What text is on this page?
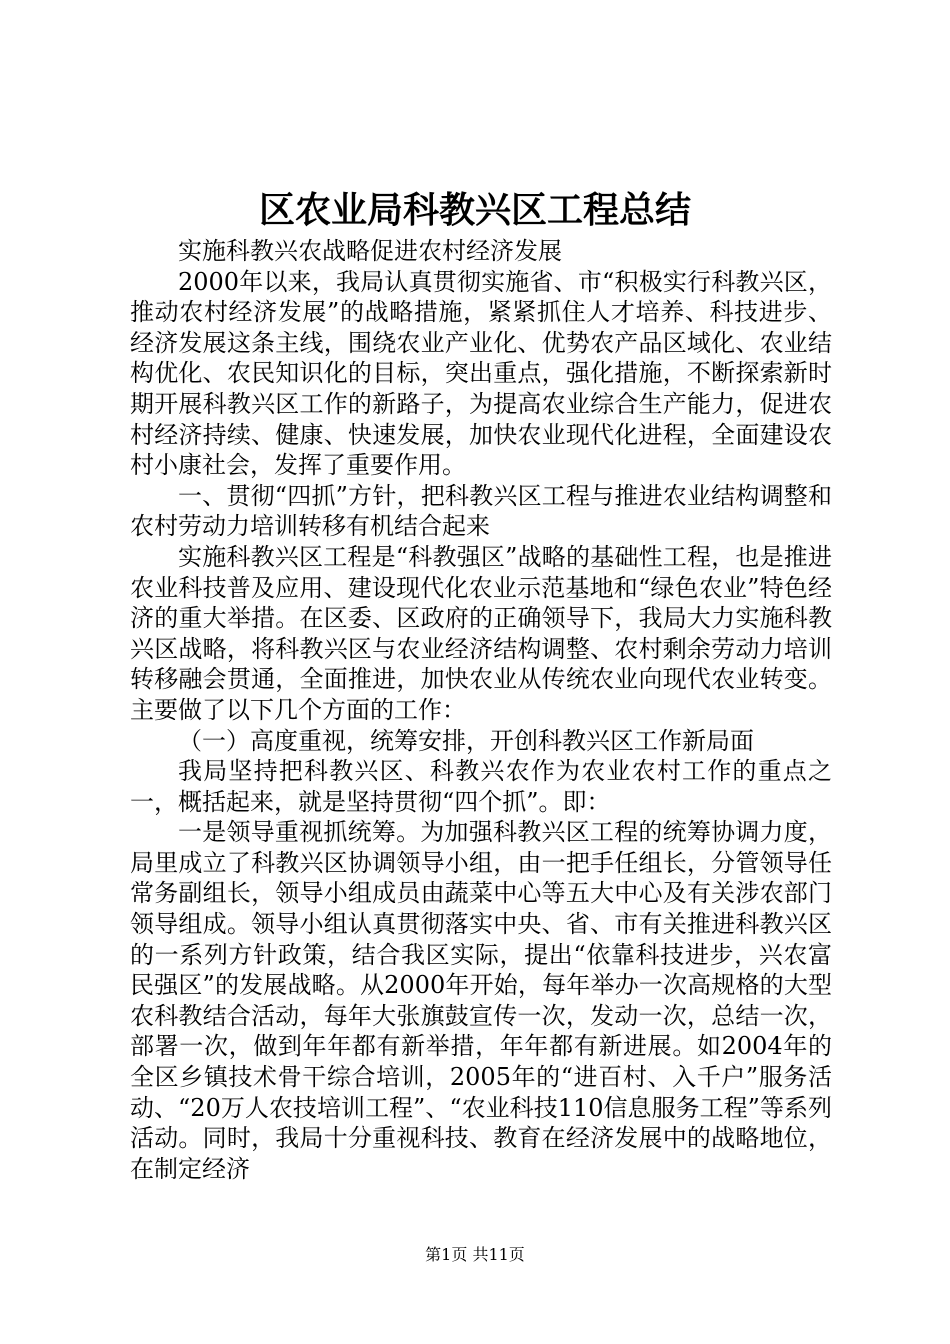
区农业局科教兴区工程总结

实施科教兴农战略促进农村经济发展

2000年以来，我局认真贯彻实施省、市“积极实行科教兴区，推动农村经济发展”的战略措施，紧紧抓住人才培养、科技进步、经济发展这条主线，围绕农业产业化、优势农产品区域化、农业结构优化、农民知识化的目标，突出重点，强化措施，不断探索新时期开展科教兴区工作的新路子，为提高农业综合生产能力，促进农村经济持续、健康、快速发展，加快农业现代化进程，全面建设农村小康社会，发挥了重要作用。

一、贯彻“四抓”方针，把科教兴区工程与推进农业结构调整和农村劳动力培训转移有机结合起来

实施科教兴区工程是“科教强区”战略的基础性工程，也是推进农业科技普及应用、建设现代化农业示范基地和“绿色农业”特色经济的重大举措。在区委、区政府的正确领导下，我局大力实施科教兴区战略，将科教兴区与农业经济结构调整、农村剩余劳动力培训转移融会贯通，全面推进，加快农业从传统农业向现代农业转变。主要做了以下几个方面的工作：

（一）高度重视，统筹安排，开创科教兴区工作新局面

我局坚持把科教兴区、科教兴农作为农业农村工作的重点之一，概括起来，就是坚持贯彻“四个抓”。即：

一是领导重视抓统筹。为加强科教兴区工程的统筹协调力度，局里成立了科教兴区协调领导小组，由一把手任组长，分管领导任常务副组长，领导小组成员由蔬菜中心等五大中心及有关涉农部门领导组成。领导小组认真贯彻落实中央、省、市有关推进科教兴区的一系列方针政策，结合我区实际，提出“依靠科技进步，兴农富民强区”的发展战略。从2000年开始，每年举办一次高规格的大型农科教结合活动，每年大张旗鼓宣传一次，发动一次，总结一次，部署一次，做到年年都有新举措，年年都有新进展。如2004年的全区乡镇技术骨干综合培训，2005年的“进百村、入千户”服务活动、“20万人农技培训工程”、“农业科技110信息服务工程”等系列活动。同时，我局十分重视科技、教育在经济发展中的战略地位，在制定经济

第1页 共11页
